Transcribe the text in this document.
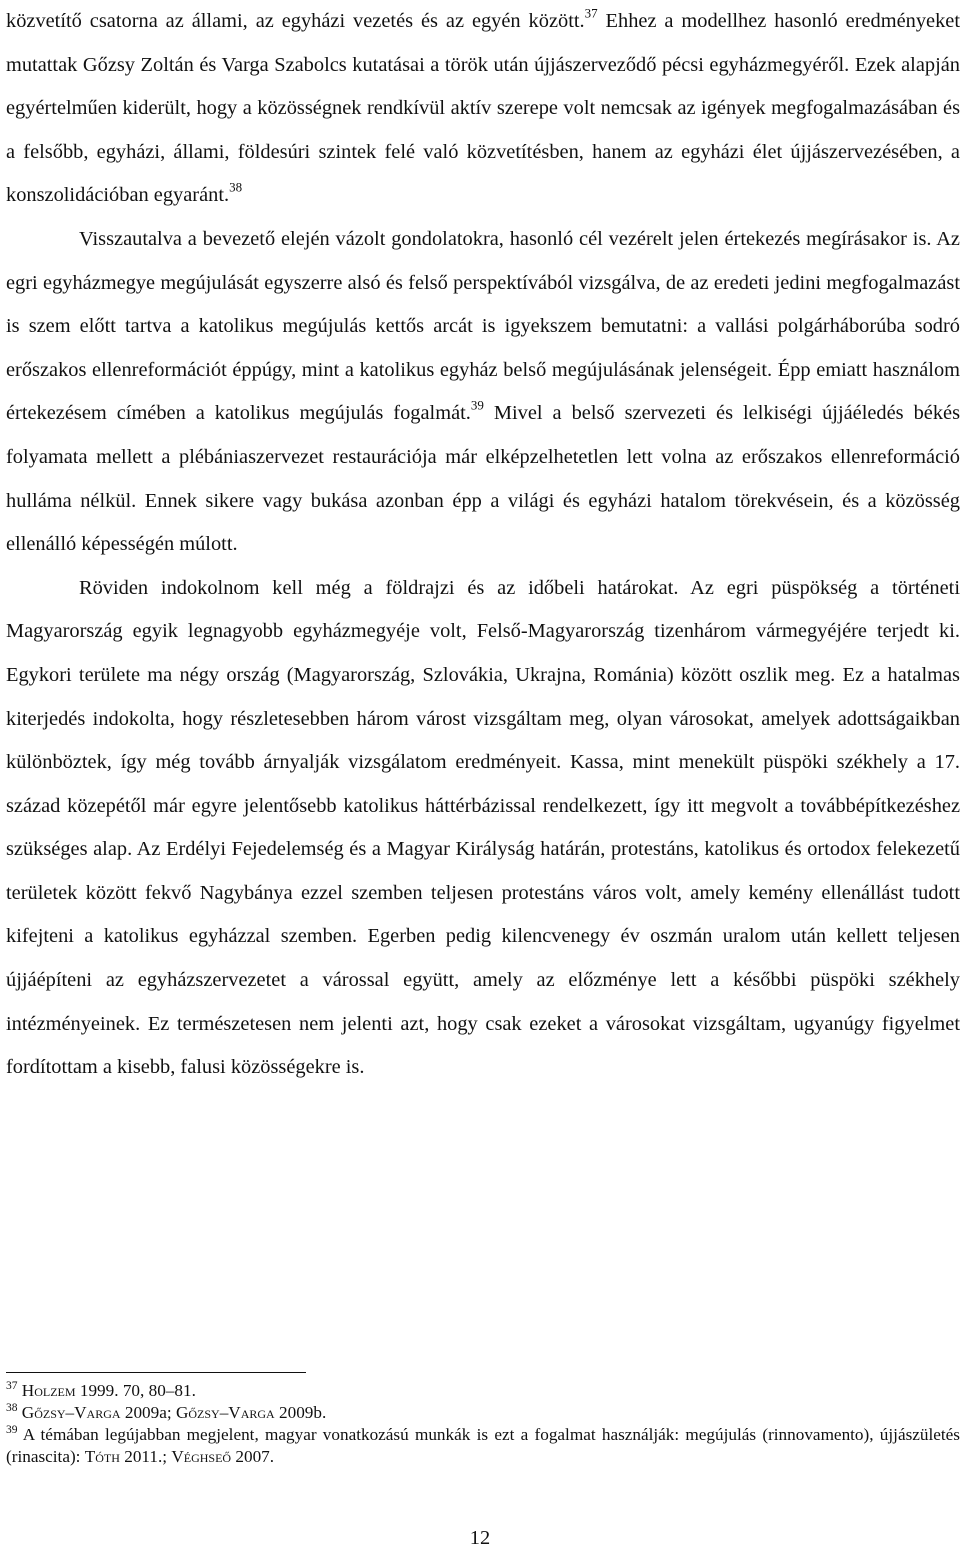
közvetítő csatorna az állami, az egyházi vezetés és az egyén között.$^{37}$ Ehhez a modellhez hasonló eredményeket mutattak Gőzsy Zoltán és Varga Szabolcs kutatásai a török után újjászerveződő pécsi egyházmegyéről. Ezek alapján egyértelműen kiderült, hogy a közösségnek rendkívül aktív szerepe volt nemcsak az igények megfogalmazásában és a felsőbb, egyházi, állami, földesúri szintek felé való közvetítésben, hanem az egyházi élet újjászervezésében, a konszolidációban egyaránt.$^{38}$

Visszautalva a bevezető elején vázolt gondolatokra, hasonló cél vezérelt jelen értekezés megírásakor is. Az egri egyházmegye megújulását egyszerre alsó és felső perspektívából vizsgálva, de az eredeti jedini megfogalmazást is szem előtt tartva a katolikus megújulás kettős arcát is igyekszem bemutatni: a vallási polgárháborúba sodró erőszakos ellenreformációt éppúgy, mint a katolikus egyház belső megújulásának jelenségeit. Épp emiatt használom értekezésem címében a katolikus megújulás fogalmát.$^{39}$ Mivel a belső szervezeti és lelkiségi újjáéledés békés folyamata mellett a plébániaszervezet restaurációja már elképzelhetetlen lett volna az erőszakos ellenreformáció hulláma nélkül. Ennek sikere vagy bukása azonban épp a világi és egyházi hatalom törekvésein, és a közösség ellenálló képességén múlott.

Röviden indokolnom kell még a földrajzi és az időbeli határokat. Az egri püspökség a történeti Magyarország egyik legnagyobb egyházmegyéje volt, Felső-Magyarország tizenhárom vármegyéjére terjedt ki. Egykori területe ma négy ország (Magyarország, Szlovákia, Ukrajna, Románia) között oszlik meg. Ez a hatalmas kiterjedés indokolta, hogy részletesebben három várost vizsgáltam meg, olyan városokat, amelyek adottságaikban különböztek, így még tovább árnyalják vizsgálatom eredményeit. Kassa, mint menekült püspöki székhely a 17. század közepétől már egyre jelentősebb katolikus háttérbázissal rendelkezett, így itt megvolt a továbbépítkezéshez szükséges alap. Az Erdélyi Fejedelemség és a Magyar Királyság határán, protestáns, katolikus és ortodox felekezetű területek között fekvő Nagybánya ezzel szemben teljesen protestáns város volt, amely kemény ellenállást tudott kifejteni a katolikus egyházzal szemben. Egerben pedig kilencvenegy év oszmán uralom után kellett teljesen újjáépíteni az egyházszervezetet a várossal együtt, amely az előzménye lett a későbbi püspöki székhely intézményeinek. Ez természetesen nem jelenti azt, hogy csak ezeket a városokat vizsgáltam, ugyanúgy figyelmet fordítottam a kisebb, falusi közösségekre is.

$^{37}$ Holzem 1999. 70, 80–81.

$^{38}$ Gőzsy–Varga 2009a; Gőzsy–Varga 2009b.

$^{39}$ A témában legújabban megjelent, magyar vonatkozású munkák is ezt a fogalmat használják: megújulás (rinnovamento), újjászületés (rinascita): Tóth 2011.; Véghseő 2007.

12
